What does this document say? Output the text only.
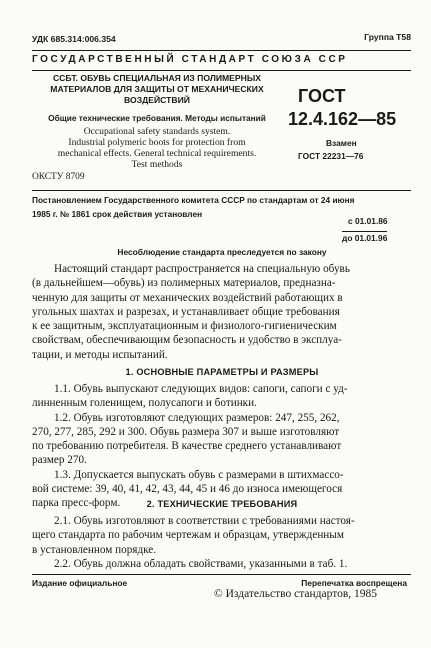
УДК 685.314:006.354	Группа Т58
ГОСУДАРСТВЕННЫЙ СТАНДАРТ СОЮЗА ССР
ССБТ. ОБУВЬ СПЕЦИАЛЬНАЯ ИЗ ПОЛИМЕРНЫХ
МАТЕРИАЛОВ ДЛЯ ЗАЩИТЫ ОТ МЕХАНИЧЕСКИХ
ВОЗДЕЙСТВИЙ
Общие технические требования. Методы испытаний
Occupational safety standards system.
Industrial polymeric boots for protection from
mechanical effects. General technical requirements.
Test methods
ОКСТУ 8709
ГОСТ
12.4.162—85
Взамен
ГОСТ 22231—76
Постановлением Государственного комитета СССР по стандартам от 24 июня
1985 г. № 1861 срок действия установлен
с 01.01.86
до 01.01.96
Несоблюдение стандарта преследуется по закону
Настоящий стандарт распространяется на специальную обувь
(в дальнейшем—обувь) из полимерных материалов, предназна-
ченную для защиты от механических воздействий работающих в
угольных шахтах и разрезах, и устанавливает общие требования
к ее защитным, эксплуатационным и физиолого-гигиеническим
свойствам, обеспечивающим безопасность и удобство в эксплуа-
тации, и методы испытаний.
1. ОСНОВНЫЕ ПАРАМЕТРЫ И РАЗМЕРЫ
1.1. Обувь выпускают следующих видов: сапоги, сапоги с уд-
линненным голенищем, полусапоги и ботинки.
1.2. Обувь изготовляют следующих размеров: 247, 255, 262,
270, 277, 285, 292 и 300. Обувь размера 307 и выше изготовляют
по требованию потребителя. В качестве среднего устанавливают
размер 270.
1.3. Допускается выпускать обувь с размерами в штихмассо-
вой системе: 39, 40, 41, 42, 43, 44, 45 и 46 до износа имеющегося
парка пресс-форм.	2. ТЕХНИЧЕСКИЕ ТРЕБОВАНИЯ
2.1. Обувь изготовляют в соответствии с требованиями настоя-
щего стандарта по рабочим чертежам и образцам, утвержденным
в установленном порядке.
2.2. Обувь должна обладать свойствами, указанными в таб. 1.
Издание официальное	Перепечатка воспрещена
© Издательство стандартов, 1985
